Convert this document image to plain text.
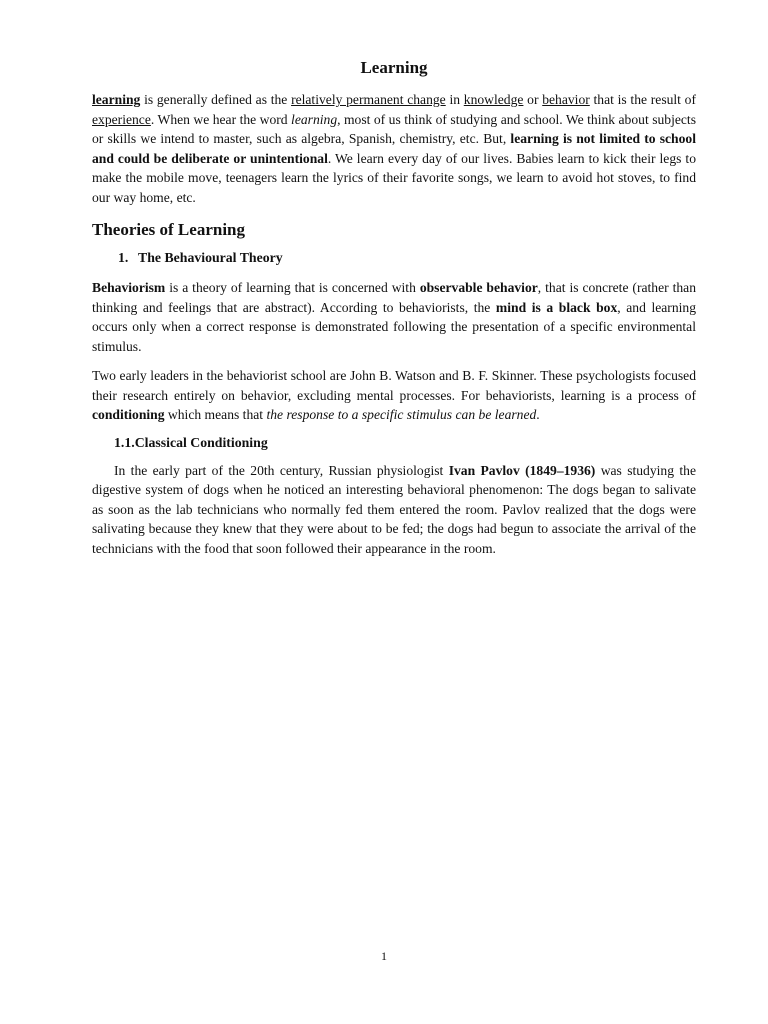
Learning

learning is generally defined as the relatively permanent change in knowledge or behavior that is the result of experience. When we hear the word learning, most of us think of studying and school. We think about subjects or skills we intend to master, such as algebra, Spanish, chemistry, etc. But, learning is not limited to school and could be deliberate or unintentional. We learn every day of our lives. Babies learn to kick their legs to make the mobile move, teenagers learn the lyrics of their favorite songs, we learn to avoid hot stoves, to find our way home, etc.

Theories of Learning
1. The Behavioural Theory

Behaviorism is a theory of learning that is concerned with observable behavior, that is concrete (rather than thinking and feelings that are abstract). According to behaviorists, the mind is a black box, and learning occurs only when a correct response is demonstrated following the presentation of a specific environmental stimulus.

Two early leaders in the behaviorist school are John B. Watson and B. F. Skinner. These psychologists focused their research entirely on behavior, excluding mental processes. For behaviorists, learning is a process of conditioning which means that the response to a specific stimulus can be learned.

1.1.Classical Conditioning

In the early part of the 20th century, Russian physiologist Ivan Pavlov (1849–1936) was studying the digestive system of dogs when he noticed an interesting behavioral phenomenon: The dogs began to salivate as soon as the lab technicians who normally fed them entered the room. Pavlov realized that the dogs were salivating because they knew that they were about to be fed; the dogs had begun to associate the arrival of the technicians with the food that soon followed their appearance in the room.

1
